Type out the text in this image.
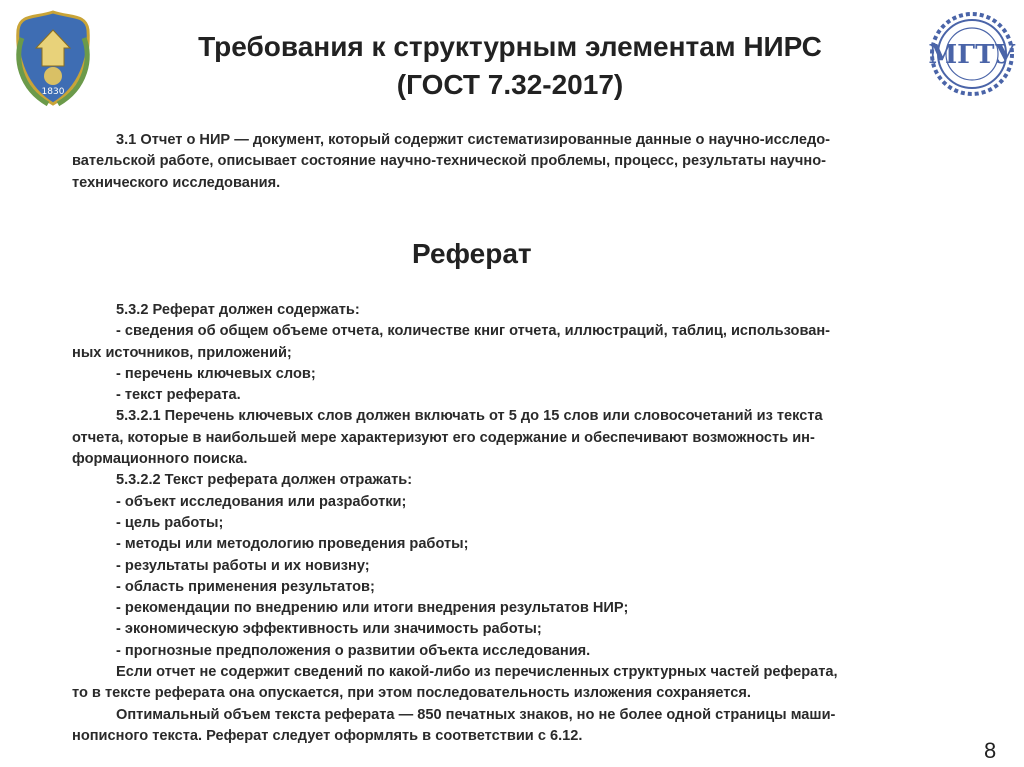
1830
Требования к структурным элементам НИРС
(ГОСТ 7.32-2017)
МГТУ

3.1 Отчет о НИР — документ, который содержит систематизированные данные о научно-исследо-

вательской работе, описывает состояние научно-технической проблемы, процесс, результаты научно-

технического исследования.

Реферат

5.3.2 Реферат должен содержать:

- сведения об общем объеме отчета, количестве книг отчета, иллюстраций, таблиц, использован-

ных источников, приложений;

- перечень ключевых слов;

- текст реферата.

5.3.2.1 Перечень ключевых слов должен включать от 5 до 15 слов или словосочетаний из текста

отчета, которые в наибольшей мере характеризуют его содержание и обеспечивают возможность ин-

формационного поиска.

5.3.2.2 Текст реферата должен отражать:

- объект исследования или разработки;

- цель работы;

- методы или методологию проведения работы;

- результаты работы и их новизну;

- область применения результатов;

- рекомендации по внедрению или итоги внедрения результатов НИР;

- экономическую эффективность или значимость работы;

- прогнозные предположения о развитии объекта исследования.

Если отчет не содержит сведений по какой-либо из перечисленных структурных частей реферата,

то в тексте реферата она опускается, при этом последовательность изложения сохраняется.

Оптимальный объем текста реферата — 850 печатных знаков, но не более одной страницы маши-

нописного текста. Реферат следует оформлять в соответствии с 6.12.

8
